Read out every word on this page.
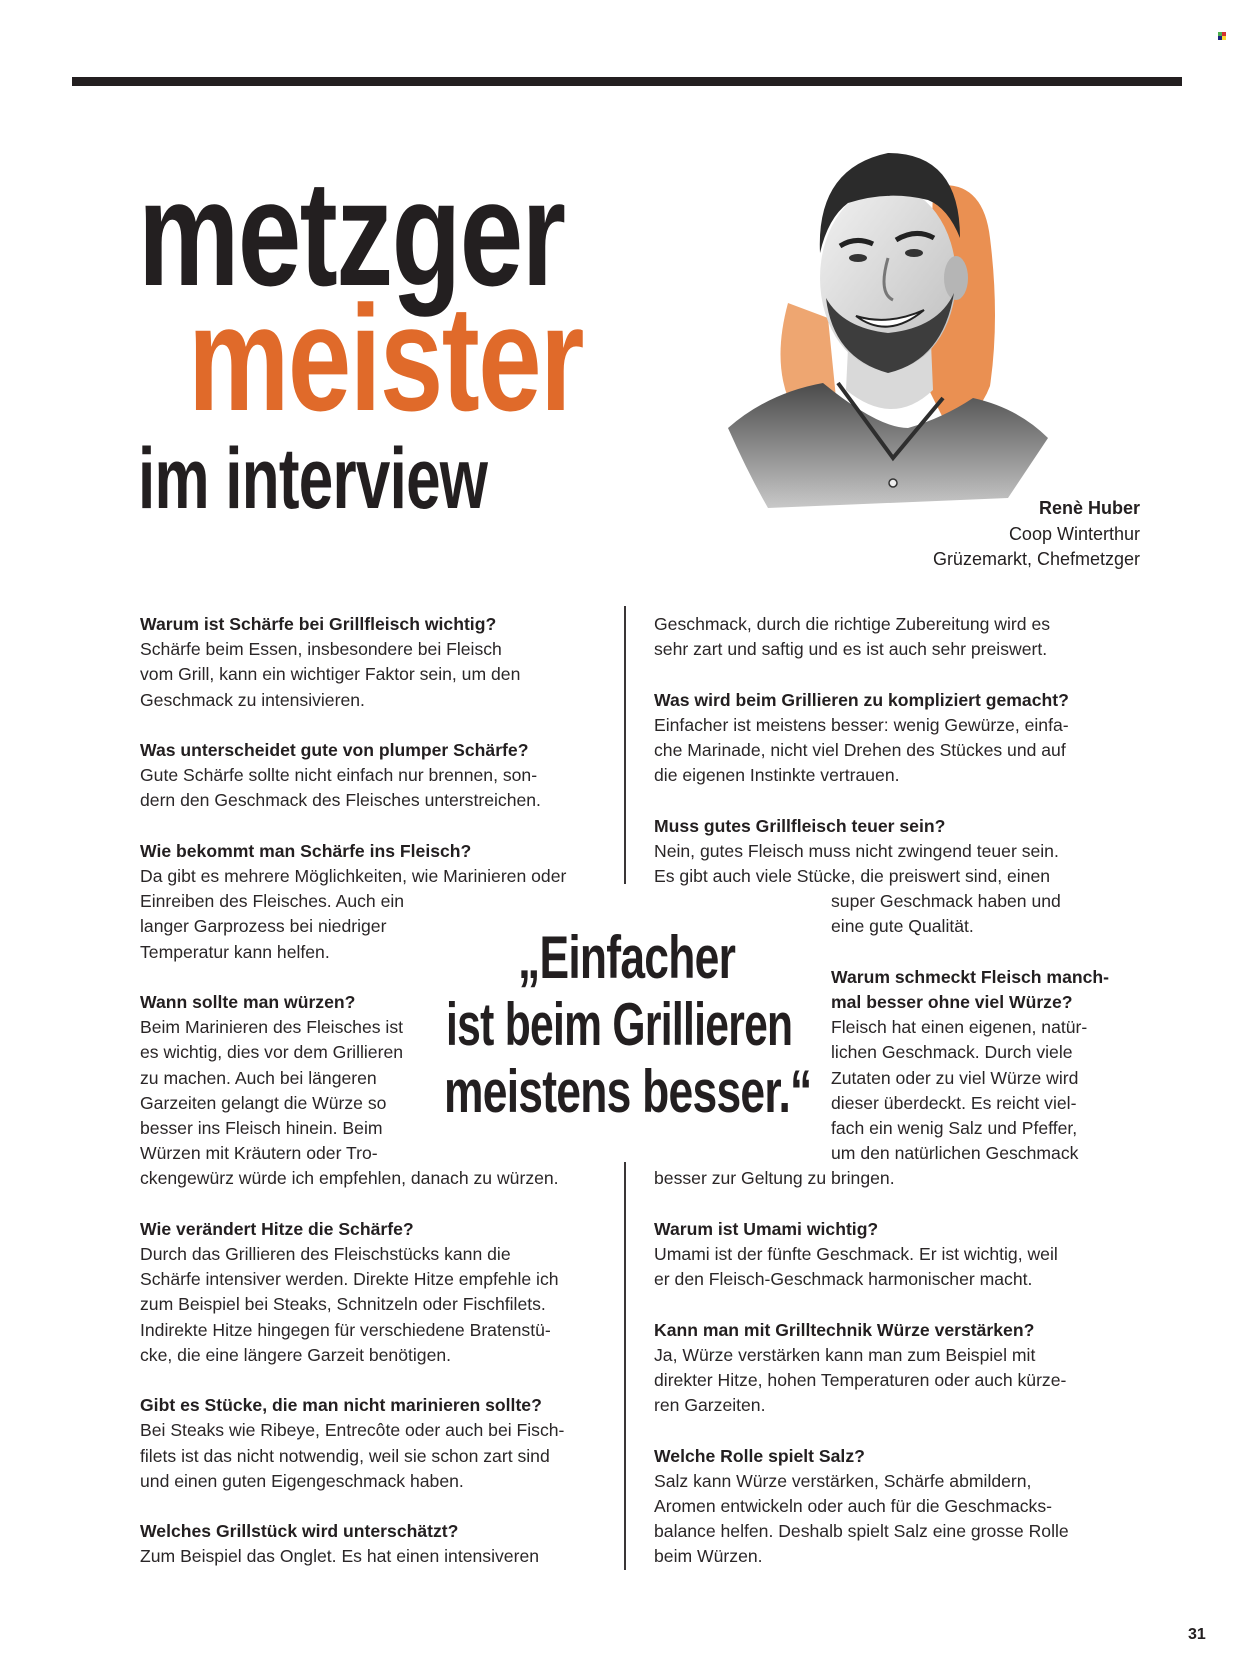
metzger
meister
im interview	Renè Huber
Coop Winterthur
Grüzemarkt, Chefmetzger
„Einfacher
ist beim Grillieren
meistens besser.“
Warum ist Schärfe bei Grillfleisch wichtig?
Schärfe beim Essen, insbesondere bei Fleisch
vom Grill, kann ein wichtiger Faktor sein, um den
Geschmack zu intensivieren.
Was unterscheidet gute von plumper Schärfe?
Gute Schärfe sollte nicht einfach nur brennen, son-
dern den Geschmack des Fleisches unterstreichen.
Wie bekommt man Schärfe ins Fleisch?
Da gibt es mehrere Möglichkeiten, wie Marinieren oder
Einreiben des Fleisches. Auch ein
langer Garprozess bei niedriger
Temperatur kann helfen.
Wann sollte man würzen?
Beim Marinieren des Fleisches ist
es wichtig, dies vor dem Grillieren
zu machen. Auch bei längeren
Garzeiten gelangt die Würze so
besser ins Fleisch hinein. Beim
Würzen mit Kräutern oder Tro-
ckengewürz würde ich empfehlen, danach zu würzen.
Wie verändert Hitze die Schärfe?
Durch das Grillieren des Fleischstücks kann die
Schärfe intensiver werden. Direkte Hitze empfehle ich
zum Beispiel bei Steaks, Schnitzeln oder Fischfilets.
Indirekte Hitze hingegen für verschiedene Bratenstü-
cke, die eine längere Garzeit benötigen.
Gibt es Stücke, die man nicht marinieren sollte?
Bei Steaks wie Ribeye, Entrecôte oder auch bei Fisch-
filets ist das nicht notwendig, weil sie schon zart sind
und einen guten Eigengeschmack haben.
Welches Grillstück wird unterschätzt?
Zum Beispiel das Onglet. Es hat einen intensiveren
Geschmack, durch die richtige Zubereitung wird es
sehr zart und saftig und es ist auch sehr preiswert.
Was wird beim Grillieren zu kompliziert gemacht?
Einfacher ist meistens besser: wenig Gewürze, einfa-
che Marinade, nicht viel Drehen des Stückes und auf
die eigenen Instinkte vertrauen.
Muss gutes Grillfleisch teuer sein?
Nein, gutes Fleisch muss nicht zwingend teuer sein.
Es gibt auch viele Stücke, die preiswert sind, einen
super Geschmack haben und
eine gute Qualität.
Warum schmeckt Fleisch manch-
mal besser ohne viel Würze?
Fleisch hat einen eigenen, natür-
lichen Geschmack. Durch viele
Zutaten oder zu viel Würze wird
dieser überdeckt. Es reicht viel-
fach ein wenig Salz und Pfeffer,
um den natürlichen Geschmack
besser zur Geltung zu bringen.
Warum ist Umami wichtig?
Umami ist der fünfte Geschmack. Er ist wichtig, weil
er den Fleisch-Geschmack harmonischer macht.
Kann man mit Grilltechnik Würze verstärken?
Ja, Würze verstärken kann man zum Beispiel mit
direkter Hitze, hohen Temperaturen oder auch kürze-
ren Garzeiten.
Welche Rolle spielt Salz?
Salz kann Würze verstärken, Schärfe abmildern,
Aromen entwickeln oder auch für die Geschmacks-
balance helfen. Deshalb spielt Salz eine grosse Rolle
beim Würzen.
31
